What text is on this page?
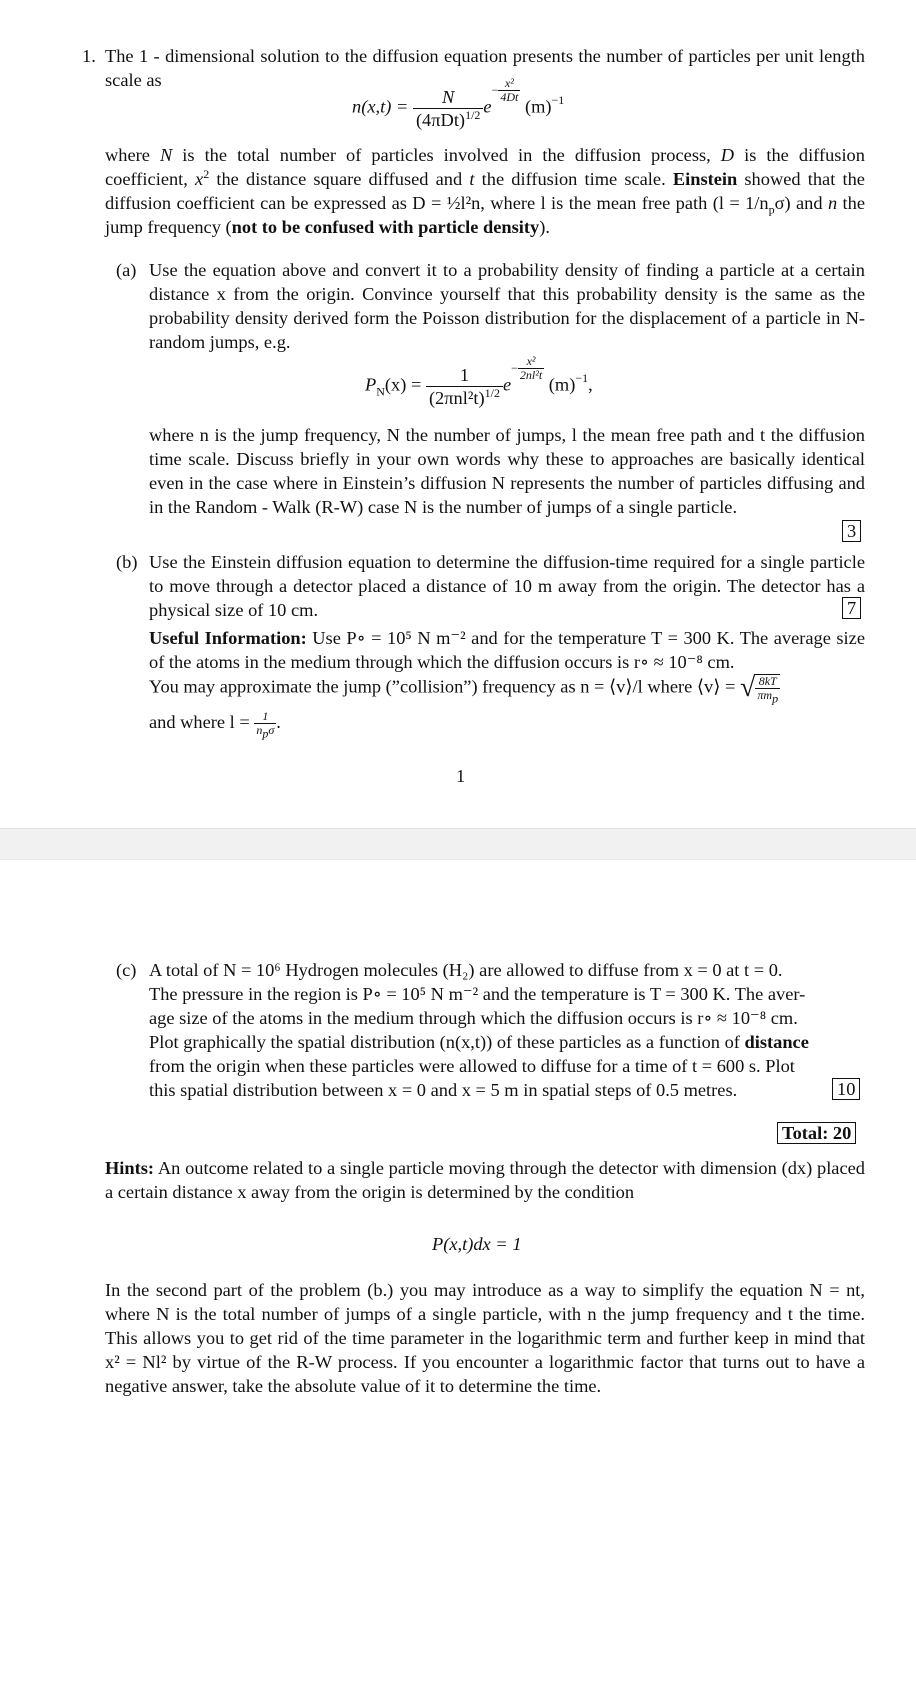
1. The 1 - dimensional solution to the diffusion equation presents the number of particles per unit length scale as

$n(x,t) = \frac{N}{(4\pi Dt)^{1/2}} e^{- \frac{\text{x²}}{4Dt}}$
$(m)^{-1}$

where N is the total number of particles involved in the diffusion process, D is the diffusion coefficient, $x^2$ the distance square diffused and t the diffusion time scale. Einstein showed that the diffusion coefficient can be expressed as D = ½l²n, where l is the mean free path $(l = 1/n_p\sigma)$ and n the jump frequency (not to be confused with particle density).

(a) Use the equation above and convert it to a probability density of finding a particle at a certain distance x from the origin. Convince yourself that this probability density is the same as the probability density derived form the Poisson distribution for the displacement of a particle in N-random jumps, e.g.

$P_N(x) = \frac{1}{(2\pi nl^2t)^{1/2}} e^{- \frac{\text{x²}}{\text{2nl²t}}}$
$(m)^{-1}$,

where n is the jump frequency, N the number of jumps, l the mean free path and t the diffusion time scale. Discuss briefly in your own words why these to approaches are basically identical even in the case where in Einstein’s diffusion N represents the number of particles diffusing and in the Random - Walk (R-W) case N is the number of jumps of a single particle.

3
(b) Use the Einstein diffusion equation to determine the diffusion-time required for a single particle to move through a detector placed a distance of 10 m away from the origin. The detector has a physical size of 10 cm.	7

Useful Information: Use P∘ = 10⁵ N m⁻² and for the temperature T = 300 K. The average size of the atoms in the medium through which the diffusion occurs is r∘ ≈ 10⁻⁸ cm.

You may approximate the jump (”collision”) frequency as n = ⟨v⟩/l where ⟨v⟩ = √ 8kT
$\pi m_p$
and where l =	1
$n_p\sigma$ .
1
(c) A total of N = 10⁶ Hydrogen molecules (H₂) are allowed to diffuse from x = 0 at t = 0.

The pressure in the region is P∘ = 10⁵ N m⁻² and the temperature is T = 300 K. The aver-

age size of the atoms in the medium through which the diffusion occurs is r∘ ≈ 10⁻⁸ cm.

Plot graphically the spatial distribution (n(x,t)) of these particles as a function of distance

from the origin when these particles were allowed to diffuse for a time of t = 600 s. Plot

this spatial distribution between x = 0 and x = 5 m in spatial steps of 0.5 metres.	10
Total: 20

Hints: An outcome related to a single particle moving through the detector with dimension (dx) placed a certain distance x away from the origin is determined by the condition

P(x,t)dx = 1

In the second part of the problem (b.) you may introduce as a way to simplify the equation N = nt, where N is the total number of jumps of a single particle, with n the jump frequency and t the time. This allows you to get rid of the time parameter in the logarithmic term and further keep in mind that x² = Nl² by virtue of the R-W process. If you encounter a logarithmic factor that turns out to have a negative answer, take the absolute value of it to determine the time.
